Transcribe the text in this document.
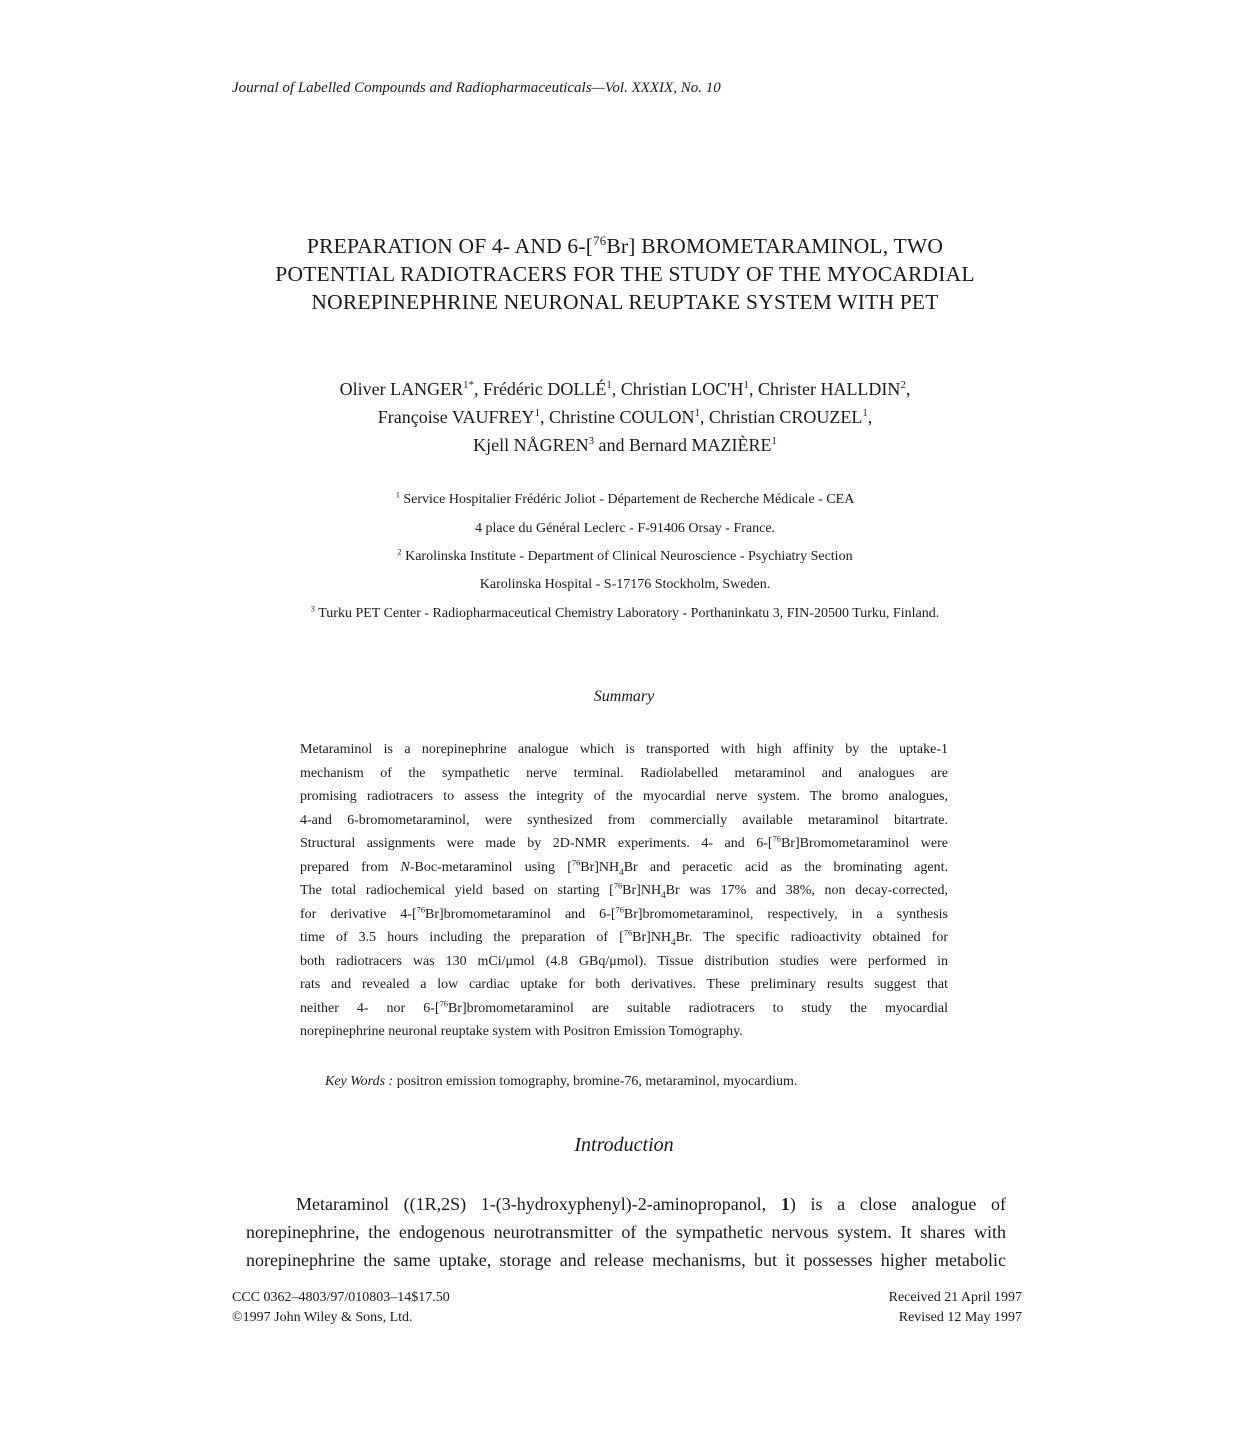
Journal of Labelled Compounds and Radiopharmaceuticals—Vol. XXXIX, No. 10
PREPARATION OF 4- AND 6-[$^{76}$Br] BROMOMETARAMINOL, TWO
POTENTIAL RADIOTRACERS FOR THE STUDY OF THE MYOCARDIAL
NOREPINEPHRINE NEURONAL REUPTAKE SYSTEM WITH PET
Oliver $LANGER^{1*}$, Frédéric DOLLÉ$^1$, Christian $LOC'H^1$, Christer HALLDIN$^2$,
Françoise VAUFREY$^1$, Christine COULON$^1$, Christian CROUZEL$^1$,
Kjell NÅGREN$^3$ and Bernard MAZIÈRE$^1$
$^1$ Service Hospitalier Frédéric Joliot - Département de Recherche Médicale - CEA
4 place du Général Leclerc - F-91406 Orsay - France.
$^2$ Karolinska Institute - Department of Clinical Neuroscience - Psychiatry Section
Karolinska Hospital - S-17176 Stockholm, Sweden.
$^3$ Turku PET Center - Radiopharmaceutical Chemistry Laboratory - Porthaninkatu 3, FIN-20500 Turku, Finland.
Summary
Metaraminol is a norepinephrine analogue which is transported with high affinity by the uptake-1
mechanism of the sympathetic nerve terminal. Radiolabelled metaraminol and analogues are
promising radiotracers to assess the integrity of the myocardial nerve system. The bromo analogues,
4-and 6-bromometaraminol, were synthesized from commercially available metaraminol bitartrate.
Structural assignments were made by 2D-NMR experiments. 4- and 6-[$^{76}$Br]Bromometaraminol were
prepared from N-Boc-metaraminol using $[^{76}Br]NH_4Br$ and peracetic acid as the brominating agent.
The total radiochemical yield based on starting $[^{76}Br]NH_4Br$ was 17% and 38%, non decay-corrected,
for derivative 4-[$^{76}$Br]bromometaraminol and 6-[$^{76}$Br]bromometaraminol, respectively, in a synthesis
time of 3.5 hours including the preparation of $[^{76}Br]NH_4Br$. The specific radioactivity obtained for
both radiotracers was 130 mCi/μmol (4.8 GBq/μmol). Tissue distribution studies were performed in
rats and revealed a low cardiac uptake for both derivatives. These preliminary results suggest that
neither 4- nor 6-[$^{76}$Br]bromometaraminol are suitable radiotracers to study the myocardial
norepinephrine neuronal reuptake system with Positron Emission Tomography.
Key Words : positron emission tomography, bromine-76, metaraminol, myocardium.
Introduction
Metaraminol ((1R,2S) 1-(3-hydroxyphenyl)-2-aminopropanol, 1) is a close analogue of
norepinephrine, the endogenous neurotransmitter of the sympathetic nervous system. It shares with
norepinephrine the same uptake, storage and release mechanisms, but it possesses higher metabolic
CCC 0362–4803/97/010803–14$17.50
©1997 John Wiley & Sons, Ltd.
Received 21 April 1997
Revised 12 May 1997
